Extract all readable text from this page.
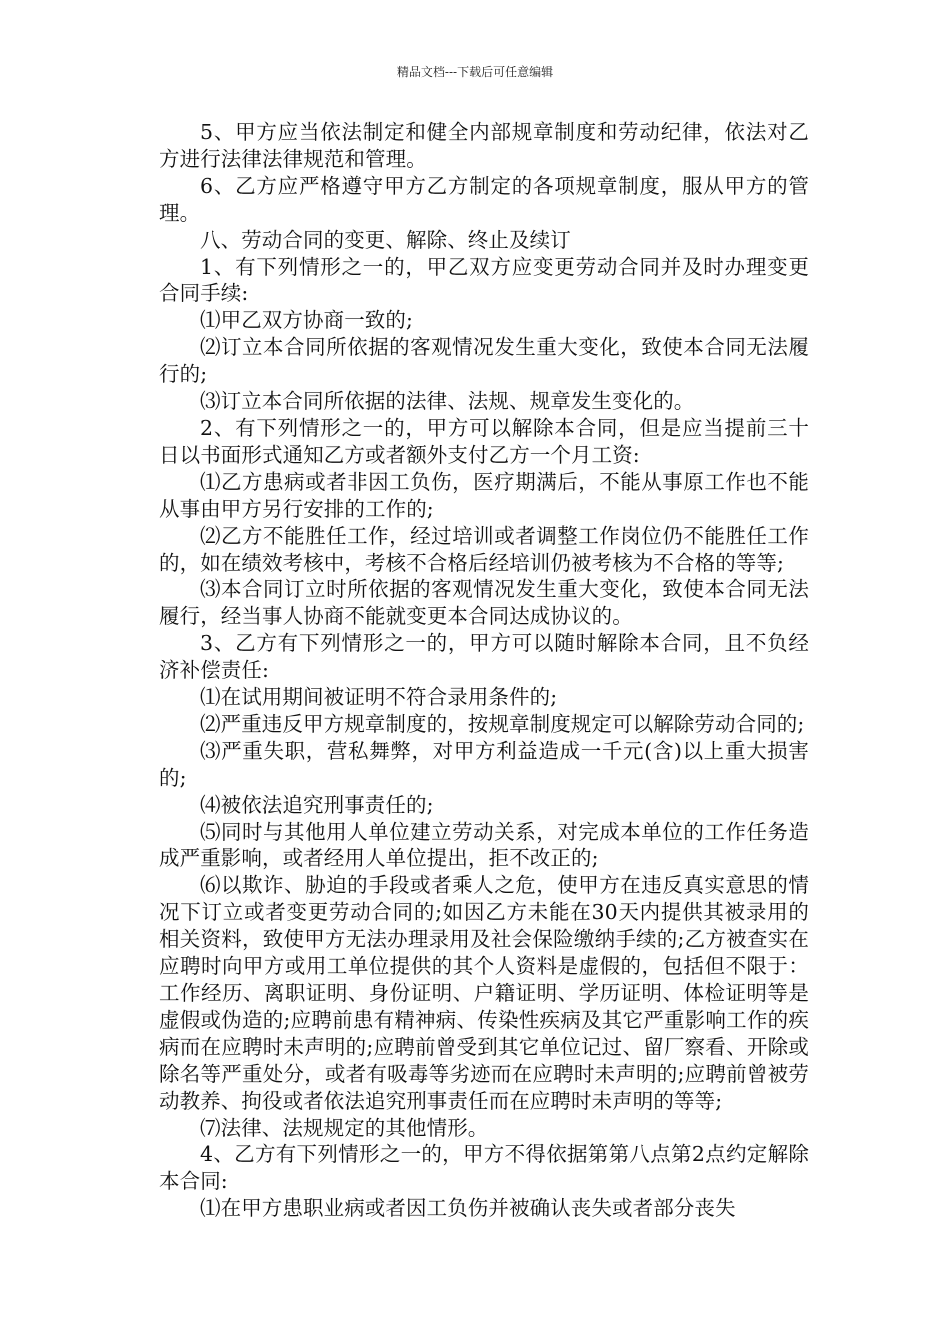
精品文档---下载后可任意编辑

5、甲方应当依法制定和健全内部规章制度和劳动纪律，依法对乙方进行法律法律规范和管理。

6、乙方应严格遵守甲方乙方制定的各项规章制度，服从甲方的管理。

八、劳动合同的变更、解除、终止及续订

1、有下列情形之一的，甲乙双方应变更劳动合同并及时办理变更合同手续:

⑴甲乙双方协商一致的;

⑵订立本合同所依据的客观情况发生重大变化，致使本合同无法履行的;

⑶订立本合同所依据的法律、法规、规章发生变化的。

2、有下列情形之一的，甲方可以解除本合同，但是应当提前三十日以书面形式通知乙方或者额外支付乙方一个月工资:

⑴乙方患病或者非因工负伤，医疗期满后，不能从事原工作也不能从事由甲方另行安排的工作的;

⑵乙方不能胜任工作，经过培训或者调整工作岗位仍不能胜任工作的，如在绩效考核中，考核不合格后经培训仍被考核为不合格的等等;

⑶本合同订立时所依据的客观情况发生重大变化，致使本合同无法履行，经当事人协商不能就变更本合同达成协议的。

3、乙方有下列情形之一的，甲方可以随时解除本合同，且不负经济补偿责任:

⑴在试用期间被证明不符合录用条件的;

⑵严重违反甲方规章制度的，按规章制度规定可以解除劳动合同的;

⑶严重失职，营私舞弊，对甲方利益造成一千元(含)以上重大损害的;

⑷被依法追究刑事责任的;

⑸同时与其他用人单位建立劳动关系，对完成本单位的工作任务造成严重影响，或者经用人单位提出，拒不改正的;

⑹以欺诈、胁迫的手段或者乘人之危，使甲方在违反真实意思的情况下订立或者变更劳动合同的;如因乙方未能在30天内提供其被录用的相关资料，致使甲方无法办理录用及社会保险缴纳手续的;乙方被查实在应聘时向甲方或用工单位提供的其个人资料是虚假的，包括但不限于：工作经历、离职证明、身份证明、户籍证明、学历证明、体检证明等是虚假或伪造的;应聘前患有精神病、传染性疾病及其它严重影响工作的疾病而在应聘时未声明的;应聘前曾受到其它单位记过、留厂察看、开除或除名等严重处分，或者有吸毒等劣迹而在应聘时未声明的;应聘前曾被劳动教养、拘役或者依法追究刑事责任而在应聘时未声明的等等;

⑺法律、法规规定的其他情形。

4、乙方有下列情形之一的，甲方不得依据第第八点第2点约定解除本合同:

⑴在甲方患职业病或者因工负伤并被确认丧失或者部分丧失
